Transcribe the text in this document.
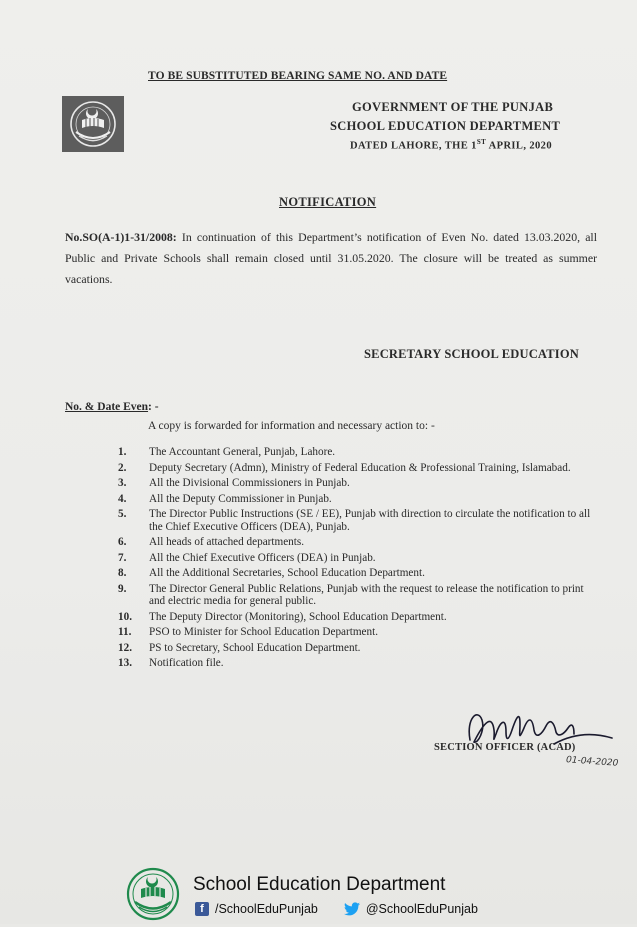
TO BE SUBSTITUTED BEARING SAME NO. AND DATE
GOVERNMENT OF THE PUNJAB
SCHOOL EDUCATION DEPARTMENT
DATED LAHORE, THE 1ST APRIL, 2020
NOTIFICATION
No.SO(A-1)1-31/2008: In continuation of this Department’s notification of Even No. dated 13.03.2020, all Public and Private Schools shall remain closed until 31.05.2020. The closure will be treated as summer vacations.
SECRETARY SCHOOL EDUCATION
No. & Date Even: -
A copy is forwarded for information and necessary action to: -
1. The Accountant General, Punjab, Lahore.
2. Deputy Secretary (Admn), Ministry of Federal Education & Professional Training, Islamabad.
3. All the Divisional Commissioners in Punjab.
4. All the Deputy Commissioner in Punjab.
5. The Director Public Instructions (SE / EE), Punjab with direction to circulate the notification to all the Chief Executive Officers (DEA), Punjab.
6. All heads of attached departments.
7. All the Chief Executive Officers (DEA) in Punjab.
8. All the Additional Secretaries, School Education Department.
9. The Director General Public Relations, Punjab with the request to release the notification to print and electric media for general public.
10. The Deputy Director (Monitoring), School Education Department.
11. PSO to Minister for School Education Department.
12. PS to Secretary, School Education Department.
13. Notification file.
SECTION OFFICER (ACAD)
01-04-2020
School Education Department
f /SchoolEduPunjab	@SchoolEduPunjab
